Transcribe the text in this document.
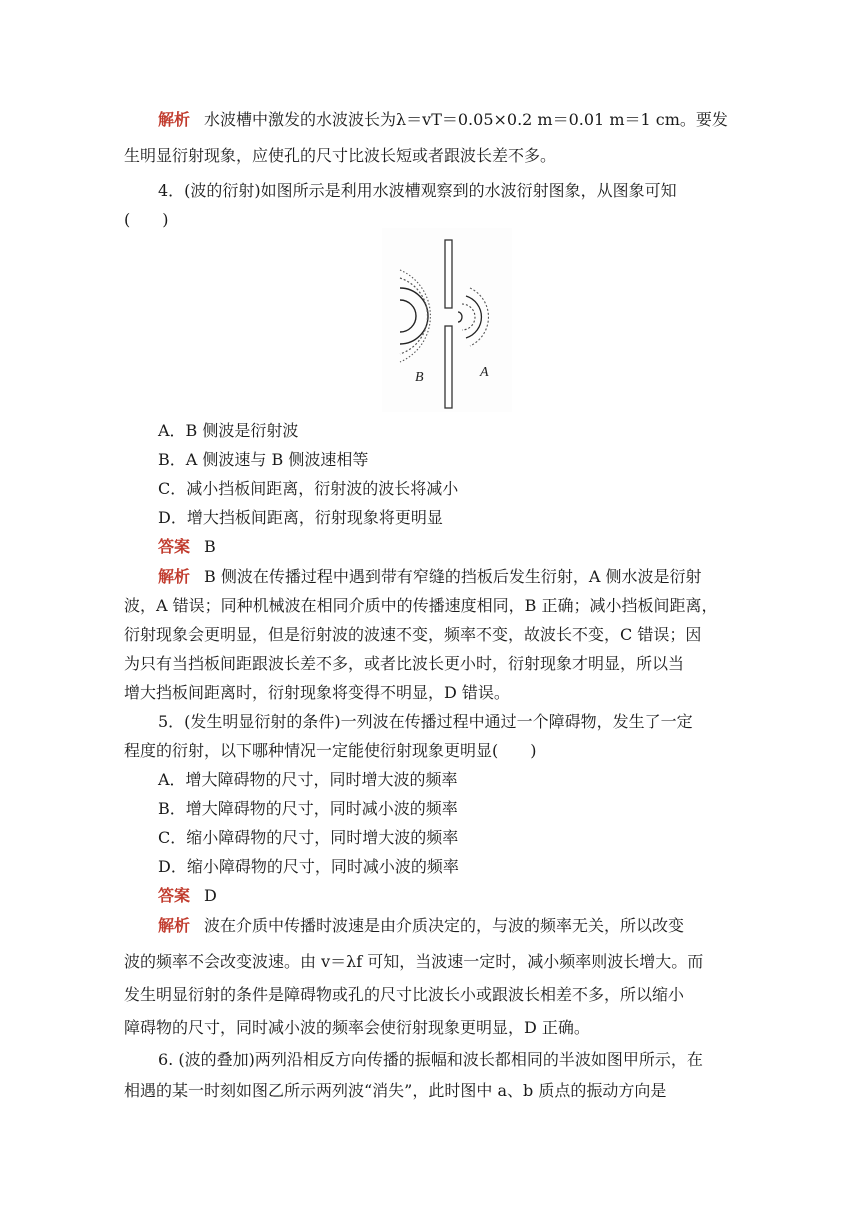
解析 水波槽中激发的水波波长为λ＝vT＝0.05×0.2 m＝0.01 m＝1 cm。要发
生明显衍射现象，应使孔的尺寸比波长短或者跟波长差不多。
4．(波的衍射)如图所示是利用水波槽观察到的水波衍射图象，从图象可知
(　　)
B	A
A．B 侧波是衍射波
B．A 侧波速与 B 侧波速相等
C．减小挡板间距离，衍射波的波长将减小
D．增大挡板间距离，衍射现象将更明显
答案 B
解析 B 侧波在传播过程中遇到带有窄缝的挡板后发生衍射，A 侧水波是衍射
波，A 错误；同种机械波在相同介质中的传播速度相同，B 正确；减小挡板间距离，
衍射现象会更明显，但是衍射波的波速不变，频率不变，故波长不变，C 错误；因
为只有当挡板间距跟波长差不多，或者比波长更小时，衍射现象才明显，所以当
增大挡板间距离时，衍射现象将变得不明显，D 错误。
5．(发生明显衍射的条件)一列波在传播过程中通过一个障碍物，发生了一定
程度的衍射，以下哪种情况一定能使衍射现象更明显(　　)
A．增大障碍物的尺寸，同时增大波的频率
B．增大障碍物的尺寸，同时减小波的频率
C．缩小障碍物的尺寸，同时增大波的频率
D．缩小障碍物的尺寸，同时减小波的频率
答案 D
解析 波在介质中传播时波速是由介质决定的，与波的频率无关，所以改变
波的频率不会改变波速。由 v＝λf 可知，当波速一定时，减小频率则波长增大。而
发生明显衍射的条件是障碍物或孔的尺寸比波长小或跟波长相差不多，所以缩小
障碍物的尺寸，同时减小波的频率会使衍射现象更明显，D 正确。
6. (波的叠加)两列沿相反方向传播的振幅和波长都相同的半波如图甲所示，在
相遇的某一时刻如图乙所示两列波“消失”，此时图中 a、b 质点的振动方向是
